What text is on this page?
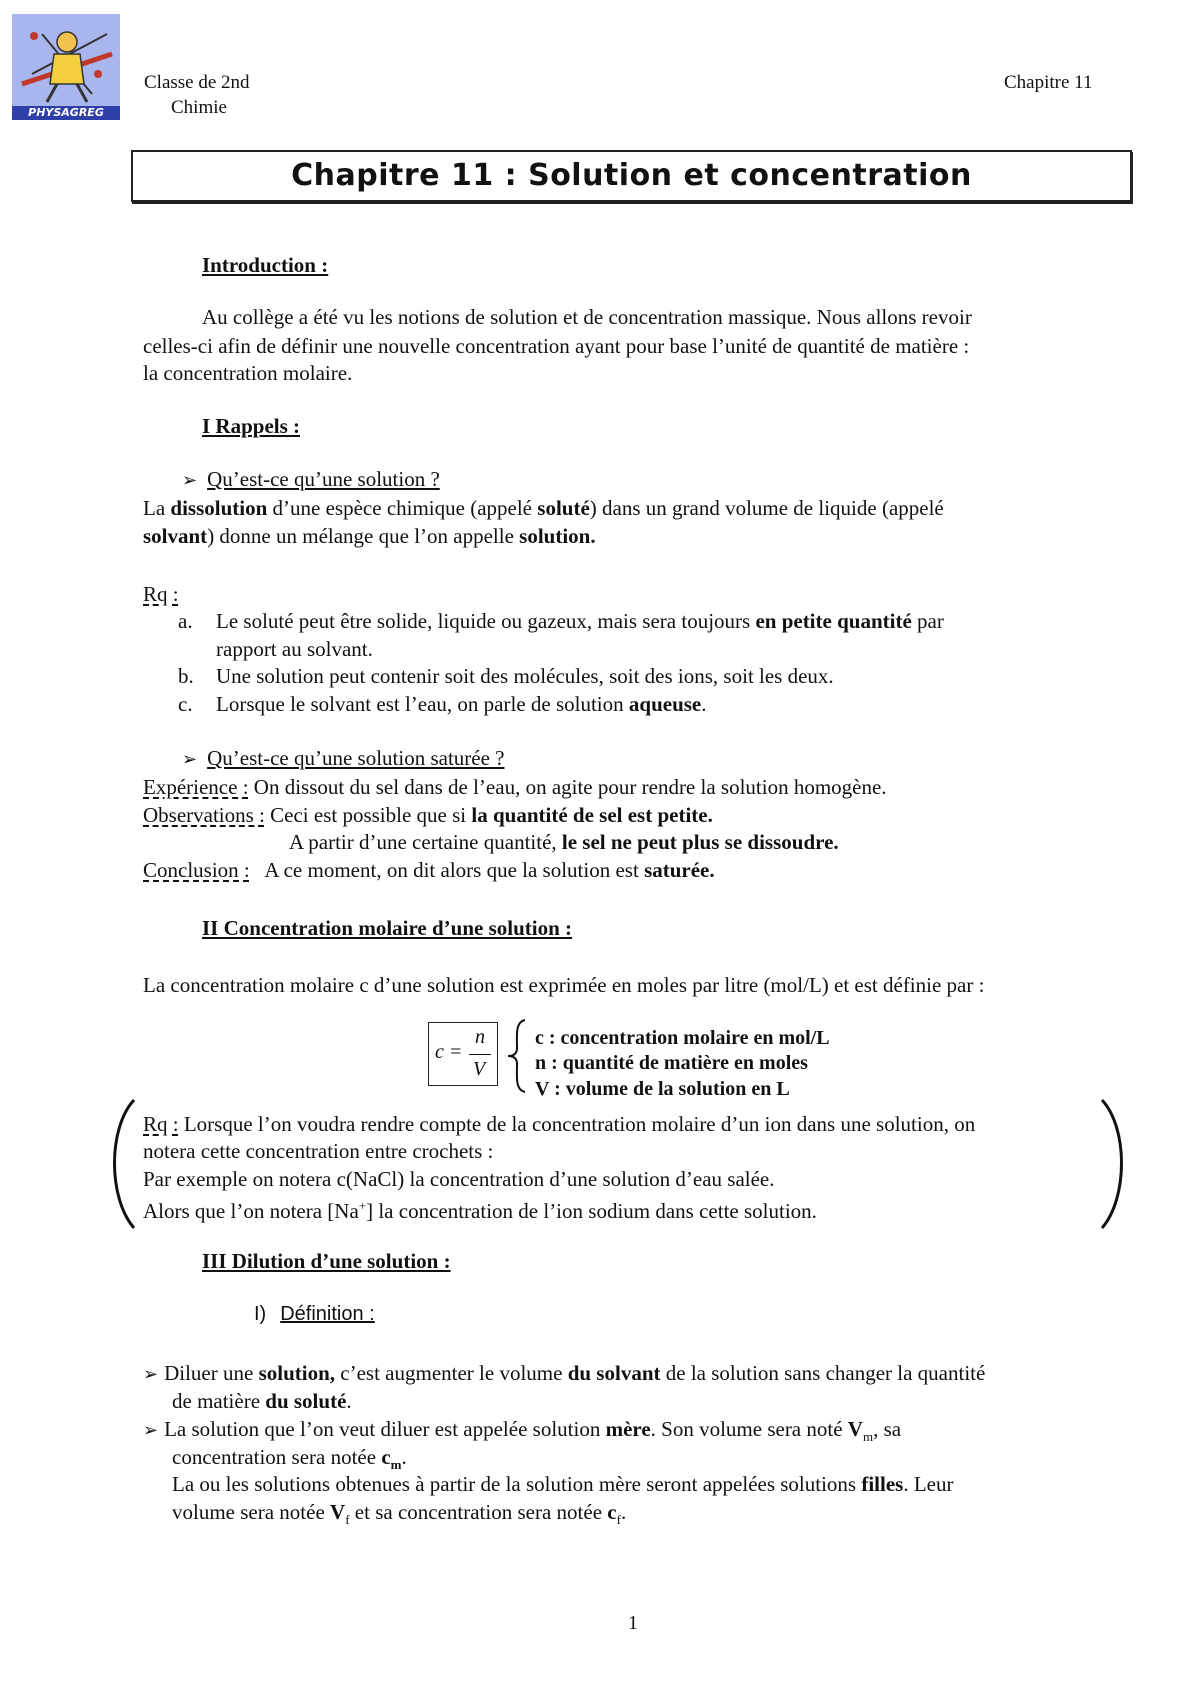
PHYSAGREG
Classe de 2nd
Chimie
Chapitre 11
Chapitre 11 : Solution et concentration
Introduction :
Au collège a été vu les notions de solution et de concentration massique. Nous allons revoir
celles-ci afin de définir une nouvelle concentration ayant pour base l’unité de quantité de matière :
la concentration molaire.
I Rappels :
➢ Qu’est-ce qu’une solution ?
La dissolution d’une espèce chimique (appelé soluté) dans un grand volume de liquide (appelé
solvant) donne un mélange que l’on appelle solution.
Rq :
a. Le soluté peut être solide, liquide ou gazeux, mais sera toujours en petite quantité par
rapport au solvant.
b. Une solution peut contenir soit des molécules, soit des ions, soit les deux.
c. Lorsque le solvant est l’eau, on parle de solution aqueuse.
➢ Qu’est-ce qu’une solution saturée ?
Expérience : On dissout du sel dans de l’eau, on agite pour rendre la solution homogène.
Observations : Ceci est possible que si la quantité de sel est petite.
A partir d’une certaine quantité, le sel ne peut plus se dissoudre.
Conclusion :   A ce moment, on dit alors que la solution est saturée.
II Concentration molaire d’une solution :
La concentration molaire c d’une solution est exprimée en moles par litre (mol/L) et est définie par :
c =
n
V
c : concentration molaire en mol/L
n : quantité de matière en moles
V : volume de la solution en L
Rq : Lorsque l’on voudra rendre compte de la concentration molaire d’un ion dans une solution, on
notera cette concentration entre crochets :
Par exemple on notera c(NaCl) la concentration d’une solution d’eau salée.
Alors que l’on notera [Na+] la concentration de l’ion sodium dans cette solution.
III Dilution d’une solution :
I) Définition :
➢ Diluer une solution, c’est augmenter le volume du solvant de la solution sans changer la quantité
de matière du soluté.
➢ La solution que l’on veut diluer est appelée solution mère. Son volume sera noté $V_m$, sa
concentration sera notée $c_m$.
La ou les solutions obtenues à partir de la solution mère seront appelées solutions filles. Leur
volume sera notée $V_f$ et sa concentration sera notée $c_f$.
1
